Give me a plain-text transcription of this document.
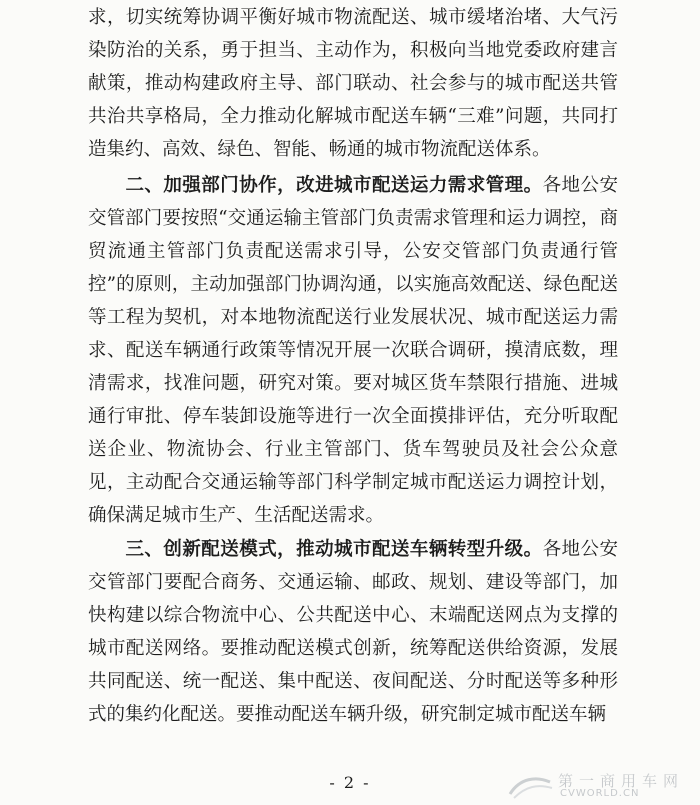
求，切实统筹协调平衡好城市物流配送、城市缓堵治堵、大气污染防治的关系，勇于担当、主动作为，积极向当地党委政府建言献策，推动构建政府主导、部门联动、社会参与的城市配送共管共治共享格局，全力推动化解城市配送车辆“三难”问题，共同打造集约、高效、绿色、智能、畅通的城市物流配送体系。

二、加强部门协作，改进城市配送运力需求管理。各地公安交管部门要按照“交通运输主管部门负责需求管理和运力调控，商贸流通主管部门负责配送需求引导，公安交管部门负责通行管控”的原则，主动加强部门协调沟通，以实施高效配送、绿色配送等工程为契机，对本地物流配送行业发展状况、城市配送运力需求、配送车辆通行政策等情况开展一次联合调研，摸清底数，理清需求，找准问题，研究对策。要对城区货车禁限行措施、进城通行审批、停车装卸设施等进行一次全面摸排评估，充分听取配送企业、物流协会、行业主管部门、货车驾驶员及社会公众意见，主动配合交通运输等部门科学制定城市配送运力调控计划，确保满足城市生产、生活配送需求。

三、创新配送模式，推动城市配送车辆转型升级。各地公安交管部门要配合商务、交通运输、邮政、规划、建设等部门，加快构建以综合物流中心、公共配送中心、末端配送网点为支撑的城市配送网络。要推动配送模式创新，统筹配送供给资源，发展共同配送、统一配送、集中配送、夜间配送、分时配送等多种形式的集约化配送。要推动配送车辆升级，研究制定城市配送车辆

- 2 -	第一商用车网
CVWORLD.CN
